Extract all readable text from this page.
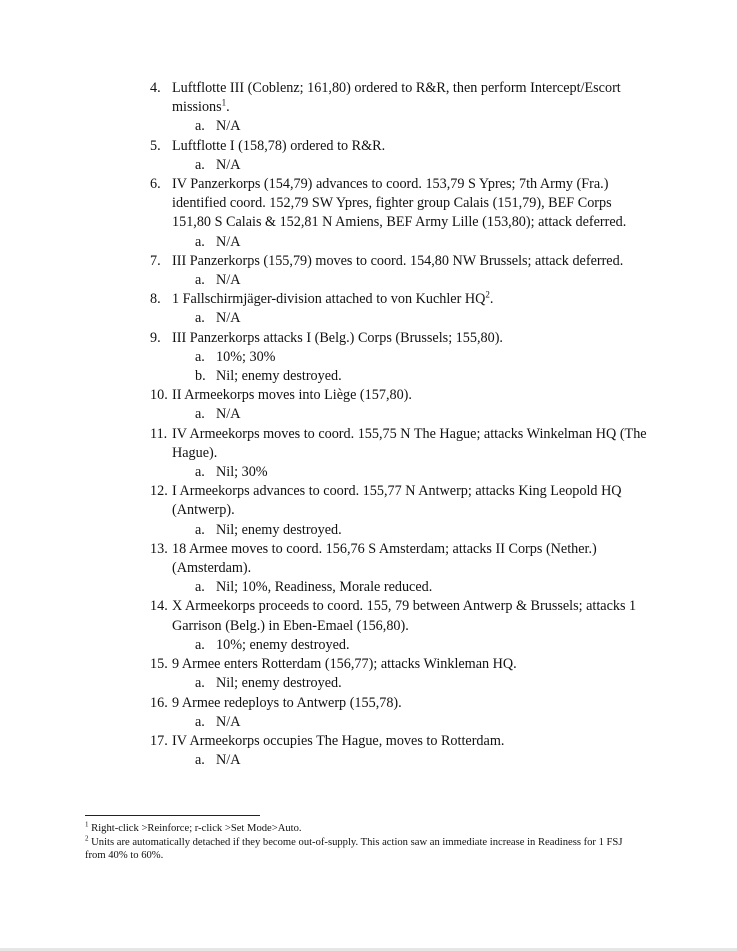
4. Luftflotte III (Coblenz; 161,80) ordered to R&R, then perform Intercept/Escort missions$^1$.
a. N/A
5. Luftflotte I (158,78) ordered to R&R.
a. N/A
6. IV Panzerkorps (154,79) advances to coord. 153,79 S Ypres; 7th Army (Fra.) identified coord. 152,79 SW Ypres, fighter group Calais (151,79), BEF Corps 151,80 S Calais & 152,81 N Amiens, BEF Army Lille (153,80); attack deferred.
a. N/A
7. III Panzerkorps (155,79) moves to coord. 154,80 NW Brussels; attack deferred.
a. N/A
8. 1 Fallschirmjäger-division attached to von Kuchler $HQ^2$.
a. N/A
9. III Panzerkorps attacks I (Belg.) Corps (Brussels; 155,80).
a. 10%; 30%
b. Nil; enemy destroyed.
10. II Armeekorps moves into Liège (157,80).
a. N/A
11. IV Armeekorps moves to coord. 155,75 N The Hague; attacks Winkelman HQ (The Hague).
a. Nil; 30%
12. I Armeekorps advances to coord. 155,77 N Antwerp; attacks King Leopold HQ (Antwerp).
a. Nil; enemy destroyed.
13. 18 Armee moves to coord. 156,76 S Amsterdam; attacks II Corps (Nether.) (Amsterdam).
a. Nil; 10%, Readiness, Morale reduced.
14. X Armeekorps proceeds to coord. 155, 79 between Antwerp & Brussels; attacks 1 Garrison (Belg.) in Eben-Emael (156,80).
a. 10%; enemy destroyed.
15. 9 Armee enters Rotterdam (156,77); attacks Winkleman HQ.
a. Nil; enemy destroyed.
16. 9 Armee redeploys to Antwerp (155,78).
a. N/A
17. IV Armeekorps occupies The Hague, moves to Rotterdam.
a. N/A
$^1$ Right-click >Reinforce; r-click >Set Mode>Auto.
$^2$ Units are automatically detached if they become out-of-supply. This action saw an immediate increase in Readiness for 1 FSJ from 40% to 60%.
